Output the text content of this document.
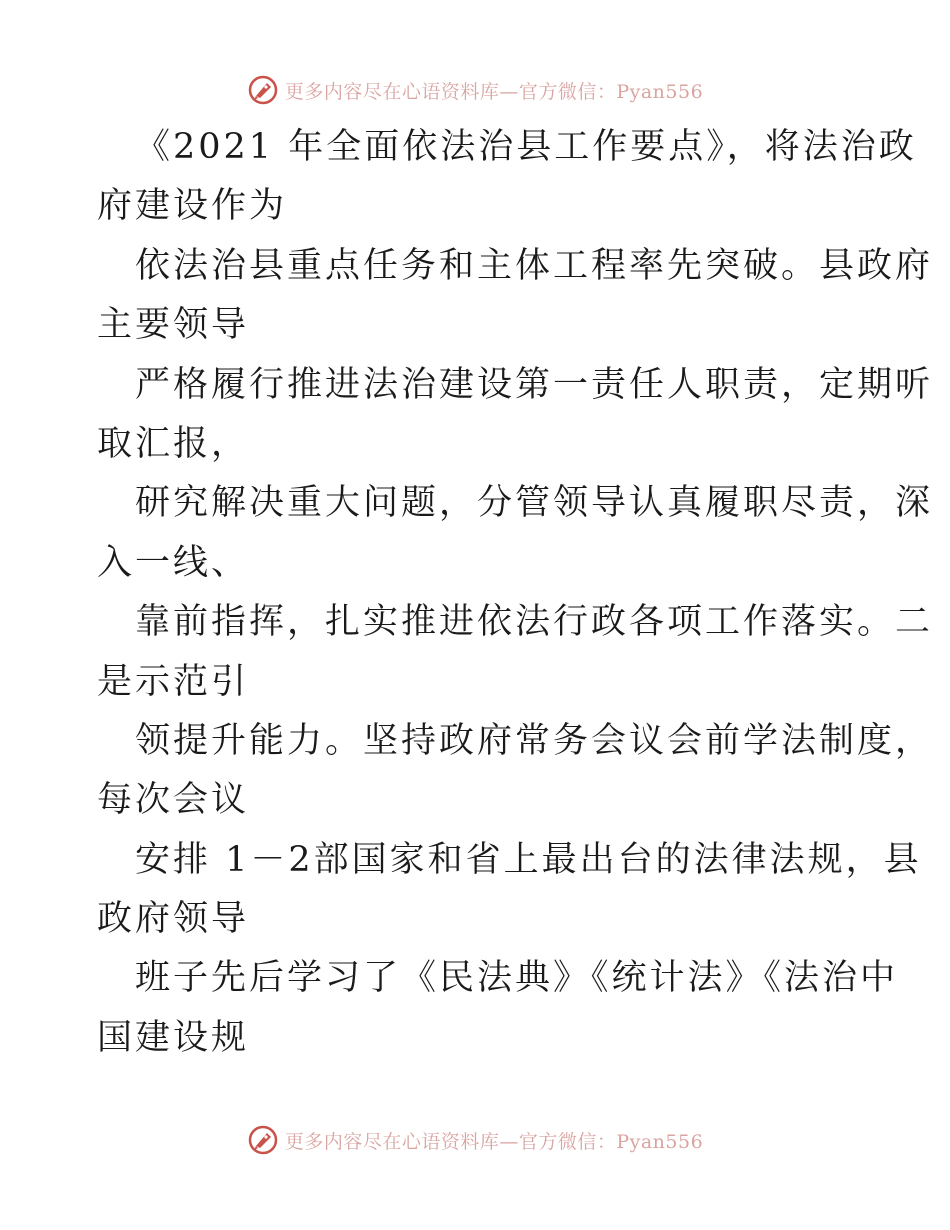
更多内容尽在心语资料库—官方微信：Pyan556
《2021 年全面依法治县工作要点》，将法治政
府建设作为
依法治县重点任务和主体工程率先突破。县政府
主要领导
严格履行推进法治建设第一责任人职责，定期听
取汇报，
研究解决重大问题，分管领导认真履职尽责，深
入一线、
靠前指挥，扎实推进依法行政各项工作落实。二
是示范引
领提升能力。坚持政府常务会议会前学法制度，
每次会议
安排 1－2部国家和省上最出台的法律法规，县
政府领导
班子先后学习了《民法典》《统计法》《法治中
国建设规
更多内容尽在心语资料库—官方微信：Pyan556
